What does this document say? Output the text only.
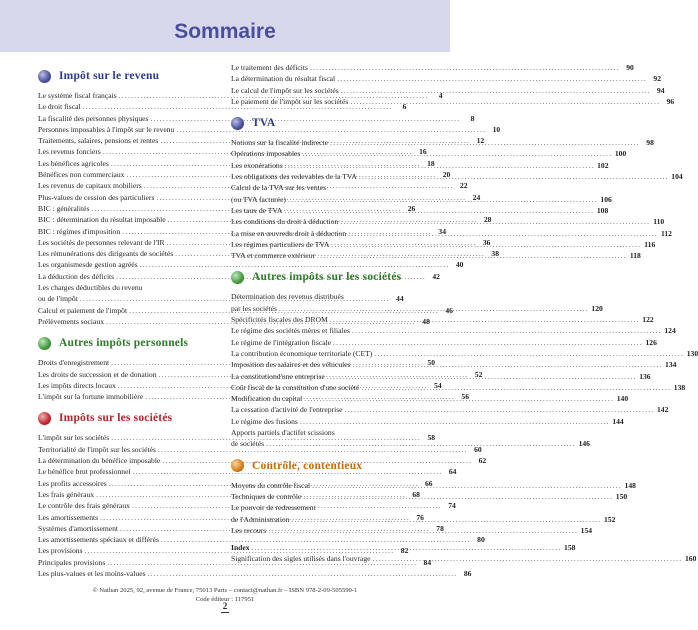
Sommaire
Impôt sur le revenu
Le système fiscal français .....	4
Le droit fiscal .....	6
La fiscalité des personnes physiques .....	8
Personnes imposables à l'impôt sur le revenu .....	10
Traitements, salaires, pensions et rentes .....	12
Les revenus fonciers .....	16
Les bénéfices agricoles .....	18
Bénéfices non commerciaux .....	20
Les revenus de capitaux mobiliers .....	22
Plus-values de cession des particuliers .....	24
BIC : généralités .....	26
BIC : détermination du résultat imposable .....	28
BIC : régimes d'imposition .....	34
Les sociétés de personnes relevant de l'IR .....	36
Les rémunérations des dirigeants de sociétés .....	38
Les organismesde gestion agréés .....	40
La déduction des déficits .....	42
Les charges déductibles du revenu
ou de l'impôt .....	44
Calcul et paiement de l'impôt .....	46
Prélèvements sociaux .....	48
Autres impôts personnels
Droits d'enregistrement .....	50
Les droits de succession et de donation .....	52
Les impôts directs locaux .....	54
L'impôt sur la fortune immobilière .....	56
Impôts sur les sociétés
L'impôt sur les sociétés .....	58
Territorialité de l'impôt sur les sociétés .....	60
La détermination du bénéfice imposable .....	62
Le bénéfice brut professionnel .....	64
Les profits accessoires .....	66
Les frais généraux .....	68
Le contrôle des frais généraux .....	74
Les amortissements .....	76
Systèmes d'amortissement .....	78
Les amortissements spéciaux et différés .....	80
Les provisions .....	82
Principales provisions .....	84
Les plus-values et les moins-values .....	86
Le traitement des déficits .....	90
La détermination du résultat fiscal .....	92
Le calcul de l'impôt sur les sociétés .....	94
Le paiement de l'impôt sur les sociétés .....	96
TVA
Notions sur la fiscalité indirecte .....	98
Opérations imposables .....	100
Les exonérations .....	102
Les obligations des redevables de la TVA .....	104
Calcul de la TVA sur les ventes
(ou TVA facturée) .....	106
Les taux de TVA .....	108
Les conditions du droit à déduction .....	110
La mise en œuvredu droit à déduction .....	112
Les régimes particuliers de TVA .....	116
TVA et commerce extérieur .....	118
Autres impôts sur les sociétés
Détermination des revenus distribués
par les sociétés .....	120
Spécificités fiscales des DROM .....	122
Le régime des sociétés mères et filiales .....	124
Le régime de l'intégration fiscale .....	126
La contribution économique territoriale (CET) .....	130
Imposition des salaires et des véhicules .....	134
La constitutiond'une entreprise .....	136
Coût fiscal de la constitution d'une société .....	138
Modification du capital .....	140
La cessation d'activité de l'entreprise .....	142
Le régime des fusions .....	144
Apports partiels d'actifet scissions
de sociétés .....	146
Contrôle, contentieux
Moyens du contrôle fiscal .....	148
Techniques de contrôle .....	150
Le pouvoir de redressement
de l'Administration .....	152
Les recours .....	154
Index .....	158
Signification des sigles utilisés dans l'ouvrage .....	160
© Nathan 2025, 92, avenue de France, 75013 Paris – contact@nathan.fr – ISBN 978-2-09-505590-1
Code éditeur : 117951
2
